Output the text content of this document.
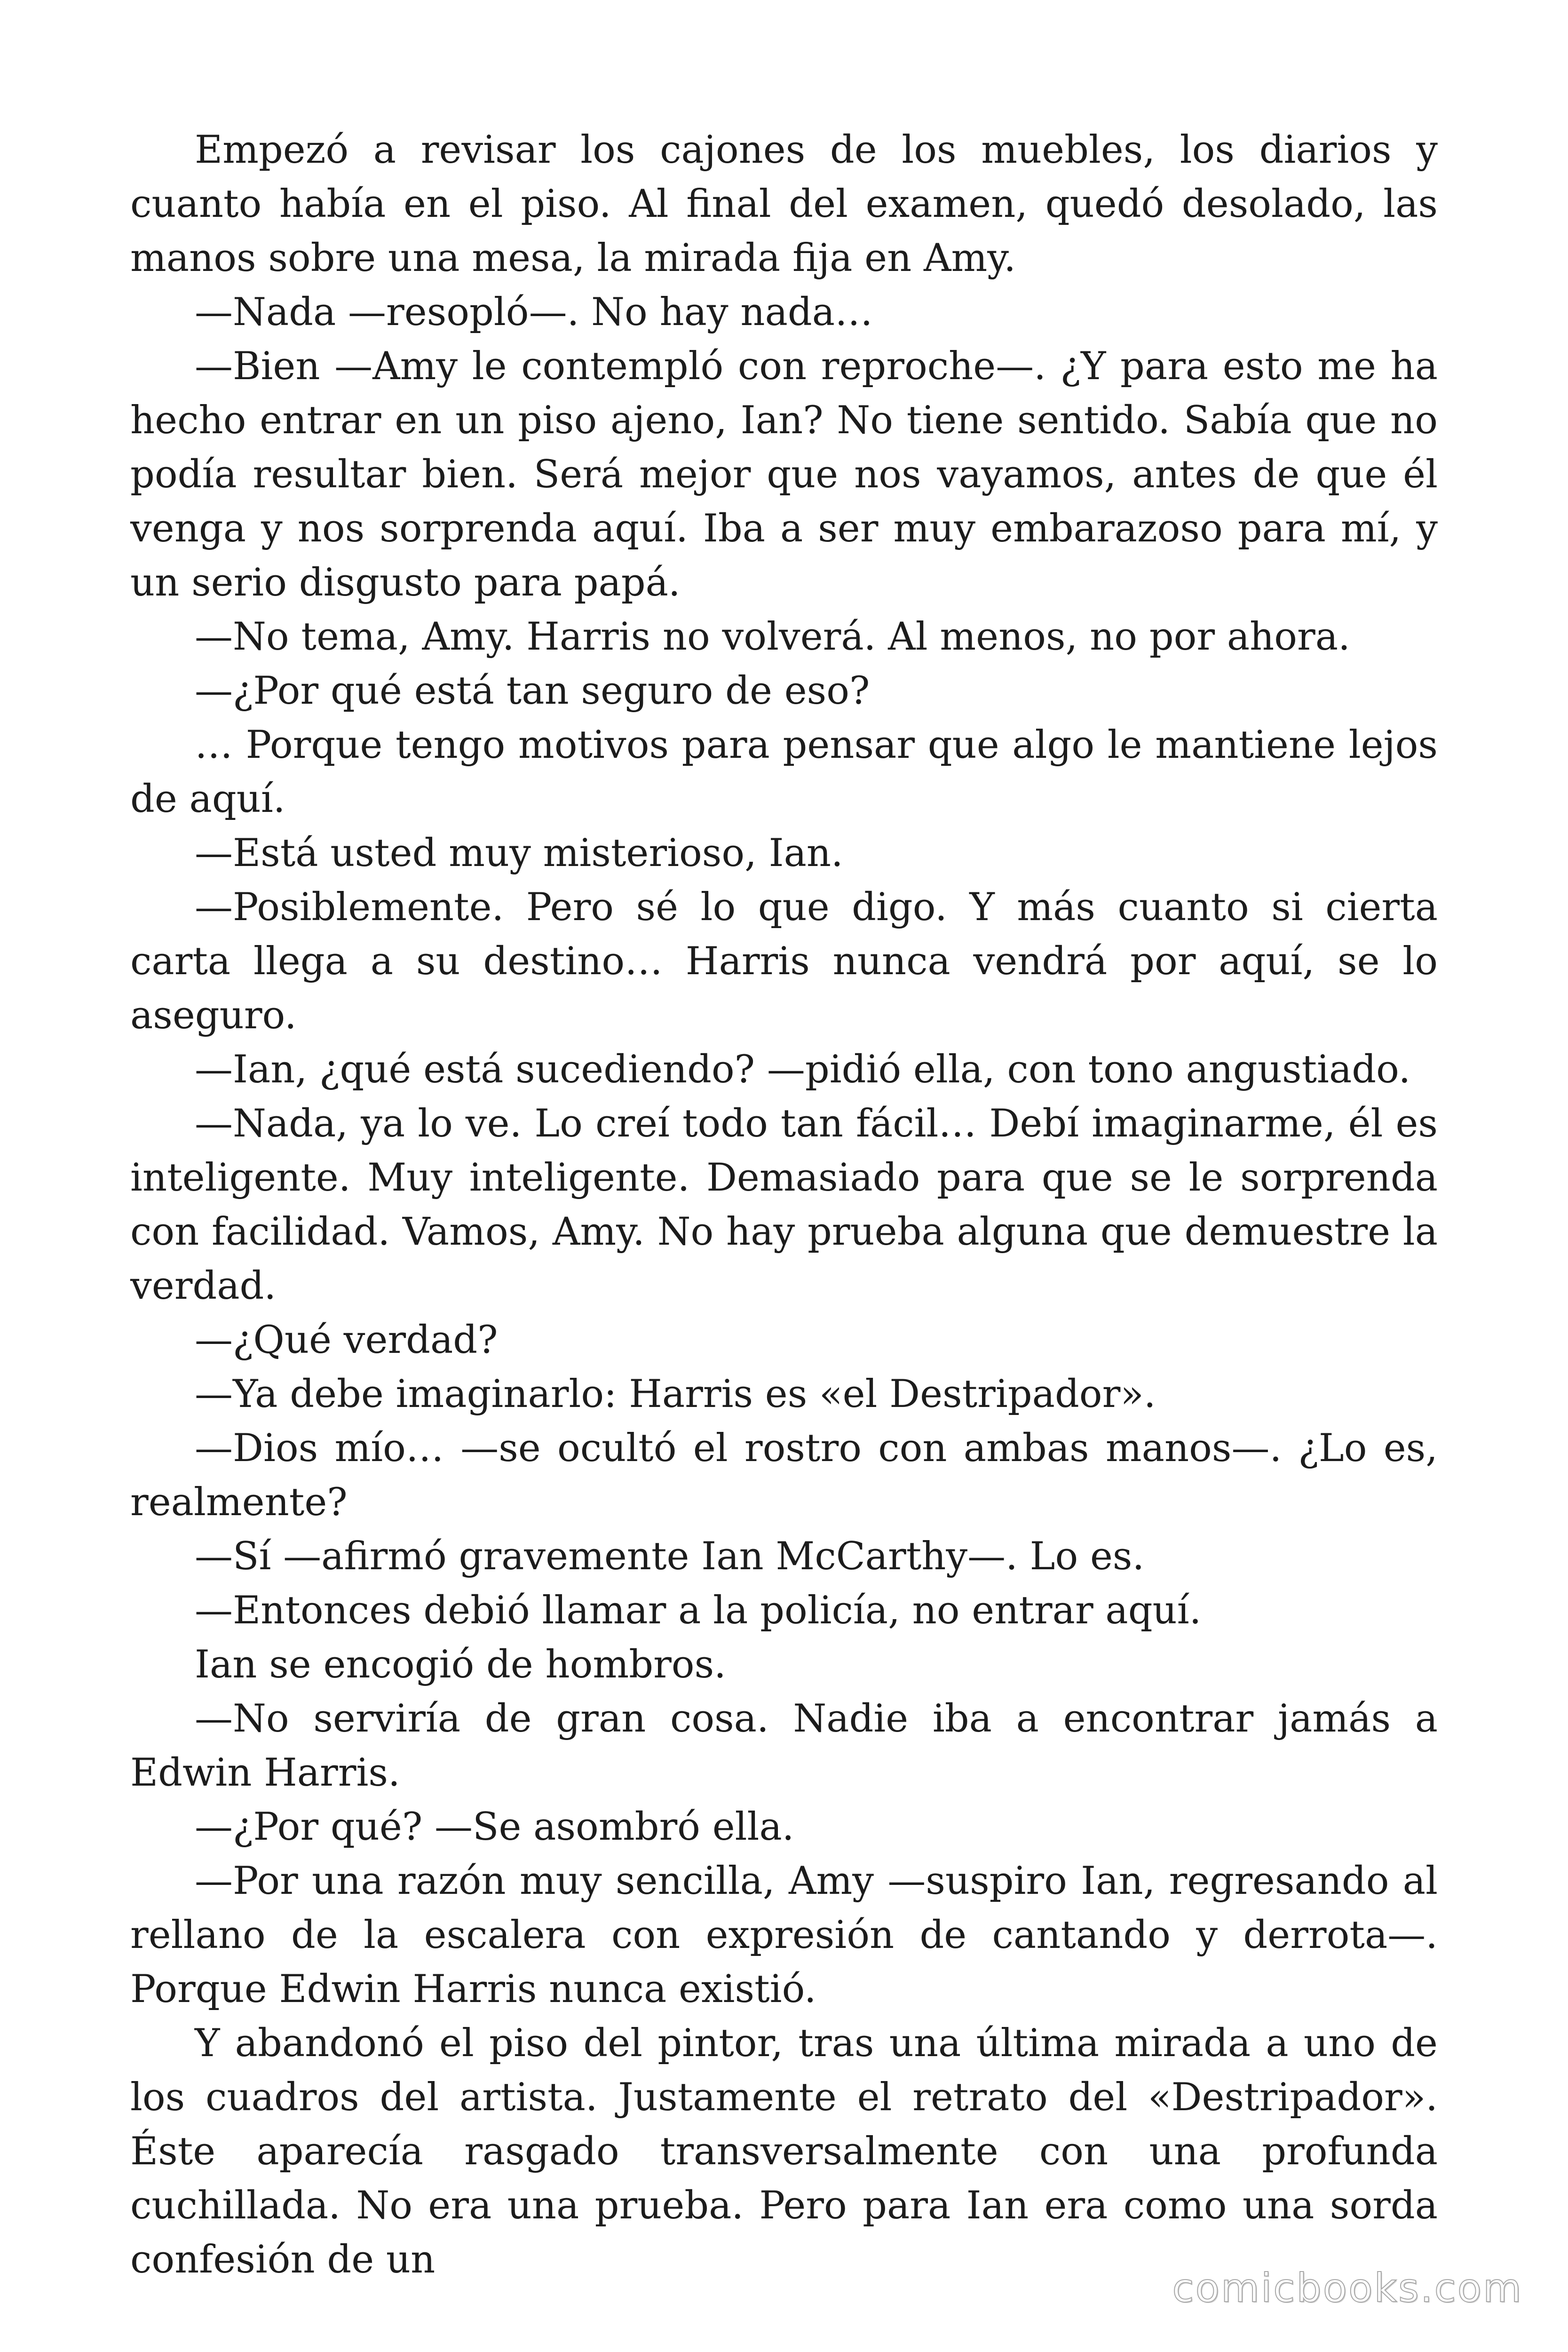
Empezó a revisar los cajones de los muebles, los diarios y cuanto había en el piso. Al final del examen, quedó desolado, las manos sobre una mesa, la mirada fija en Amy.

—Nada —resopló—. No hay nada…

—Bien —Amy le contempló con reproche—. ¿Y para esto me ha hecho entrar en un piso ajeno, Ian? No tiene sentido. Sabía que no podía resultar bien. Será mejor que nos vayamos, antes de que él venga y nos sorprenda aquí. Iba a ser muy embarazoso para mí, y un serio disgusto para papá.

—No tema, Amy. Harris no volverá. Al menos, no por ahora.

—¿Por qué está tan seguro de eso?

… Porque tengo motivos para pensar que algo le mantiene lejos de aquí.

—Está usted muy misterioso, Ian.

—Posiblemente. Pero sé lo que digo. Y más cuanto si cierta carta llega a su destino… Harris nunca vendrá por aquí, se lo aseguro.

—Ian, ¿qué está sucediendo? —pidió ella, con tono angustiado.

—Nada, ya lo ve. Lo creí todo tan fácil… Debí imaginarme, él es inteligente. Muy inteligente. Demasiado para que se le sorprenda con facilidad. Vamos, Amy. No hay prueba alguna que demuestre la verdad.

—¿Qué verdad?

—Ya debe imaginarlo: Harris es «el Destripador».

—Dios mío… —se ocultó el rostro con ambas manos—. ¿Lo es, realmente?

—Sí —afirmó gravemente Ian McCarthy—. Lo es.

—Entonces debió llamar a la policía, no entrar aquí.

Ian se encogió de hombros.

—No serviría de gran cosa. Nadie iba a encontrar jamás a Edwin Harris.

—¿Por qué? —Se asombró ella.

—Por una razón muy sencilla, Amy —suspiro Ian, regresando al rellano de la escalera con expresión de cantando y derrota—. Porque Edwin Harris nunca existió.

Y abandonó el piso del pintor, tras una última mirada a uno de los cuadros del artista. Justamente el retrato del «Destripador». Éste aparecía rasgado transversalmente con una profunda cuchillada. No era una prueba. Pero para Ian era como una sorda confesión de un

comicbooks.com
